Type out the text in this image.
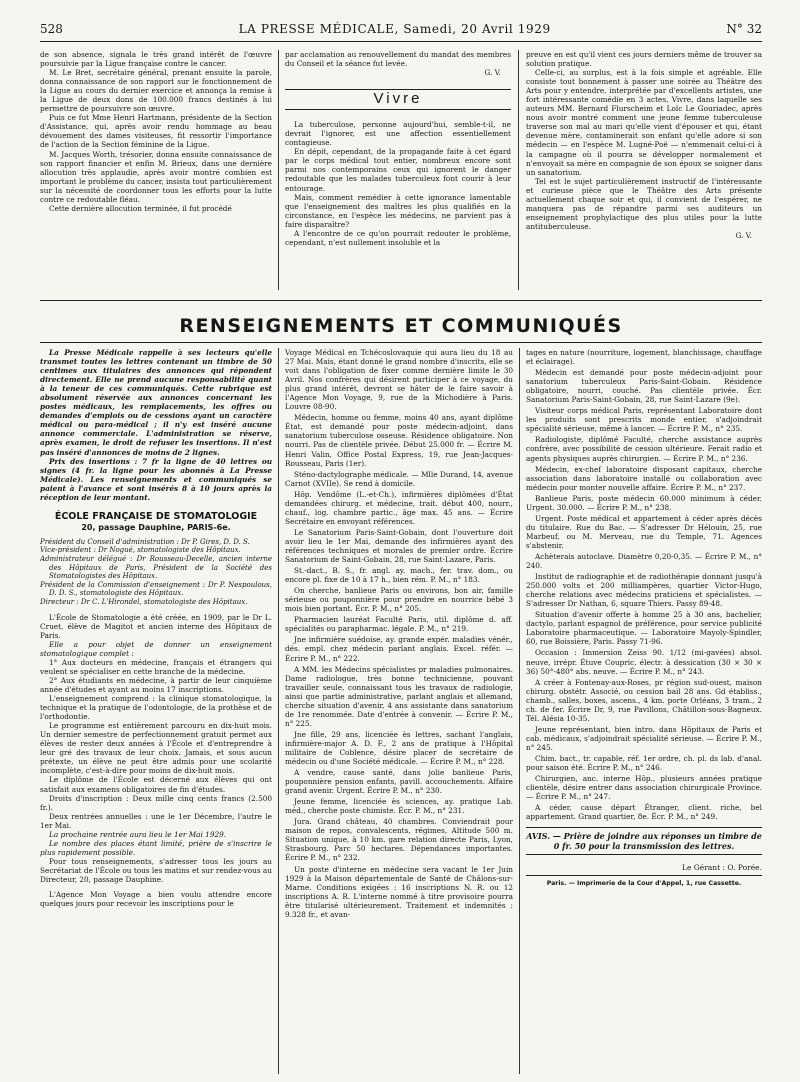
528	LA PRESSE MÉDICALE, Samedi, 20 Avril 1929	N° 32

de son absence, signala le très grand intérêt de l'œuvre poursuivie par la Ligue française contre le cancer.

M. Le Bret, secrétaire général, prenant ensuite la parole, donna connaissance de son rapport sur le fonctionnement de la Ligue au cours du dernier exercice et annonça la remise à la Ligue de deux dons de 100.000 francs destinés à lui permettre de poursuivre son œuvre.

Puis ce fut Mme Henri Hartmann, présidente de la Section d'Assistance, qui, après avoir rendu hommage au beau dévouement des dames visiteuses, fit ressortir l'importance de l'action de la Section féminine de la Ligue.

M. Jacques Worth, trésorier, donna ensuite connaissance de son rapport financier et enfin M. Brieux, dans une dernière allocution très applaudie, après avoir montré combien est important le problème du cancer, insista tout particulièrement sur la nécessité de coordonner tous les efforts pour la lutte contre ce redoutable fléau.

Cette dernière allocution terminée, il fut procédé

par acclamation au renouvellement du mandat des membres du Conseil et la séance fut levée.

G. V.
Vivre

La tuberculose, personne aujourd'hui, semble-t-il, ne devrait l'ignorer, est une affection essentiellement contagieuse.

En dépit, cependant, de la propagande faite à cet égard par le corps médical tout entier, nombreux encore sont parmi nos contemporains ceux qui ignorent le danger redoutable que les malades tuberculeux font courir à leur entourage.

Mais, comment remédier à cette ignorance lamentable que l'enseignement des maîtres les plus qualifiés en la circonstance, en l'espèce les médecins, ne parvient pas à faire disparaître?

A l'encontre de ce qu'on pourrait redouter le problème, cependant, n'est nullement insoluble et la

preuve en est qu'il vient ces jours derniers même de trouver sa solution pratique.

Celle-ci, au surplus, est à la fois simple et agréable. Elle consiste tout bonnement à passer une soirée au Théâtre des Arts pour y entendre, interprétée par d'excellents artistes, une fort intéressante comédie en 3 actes, Vivre, dans laquelle ses auteurs MM. Bernard Flurscheim et Loïc Le Gouriadec, après nous avoir montré comment une jeune femme tuberculeuse traverse son mal au mari qu'elle vient d'épouser et qui, étant devenue mère, contaminerait son enfant qu'elle adore si son médecin — en l'espèce M. Lugné-Poë — n'emmenait celui-ci à la campagne où il pourra se développer normalement et n'envoyait sa mère en compagnie de son époux se soigner dans un sanatorium.

Tel est le sujet particulièrement instructif de l'intéressante et curieuse pièce que le Théâtre des Arts présente actuellement chaque soir et qui, il convient de l'espérer, ne manquera pas de répandre parmi ses auditeurs un enseignement prophylactique des plus utiles pour la lutte antituberculeuse.

G. V.
RENSEIGNEMENTS ET COMMUNIQUÉS

La Presse Médicale rappelle à ses lecteurs qu'elle transmet toutes les lettres contenant un timbre de 50 centimes aux titulaires des annonces qui répondent directement. Elle ne prend aucune responsabilité quant à la teneur de ces communiqués. Cette rubrique est absolument réservée aux annonces concernant les postes médicaux, les remplacements, les offres ou demandes d'emplois ou de cessions ayant un caractère médical ou para-médical ; il n'y est inséré aucune annonce commerciale. L'administration se réserve, après examen, le droit de refuser les insertions. Il n'est pas inséré d'annonces de moins de 2 lignes.

Prix des insertions : 7 fr la ligne de 40 lettres ou signes (4 fr. la ligne pour les abonnés à La Presse Médicale). Les renseignements et communiqués se paient à l'avance et sont insérés 8 à 10 jours après la réception de leur montant.

ÉCOLE FRANÇAISE DE STOMATOLOGIE
20, passage Dauphine, PARIS-6e.
Président du Conseil d'administration : Dr P. Gires, D. D. S.
Vice-président : Dr Nogué, stomatologiste des Hôpitaux.
Administrateur délégué : Dr Rousseau-Decelle, ancien interne des Hôpitaux de Paris, Président de la Société des Stomatologistes des Hôpitaux.
Président de la Commission d'enseignement : Dr P. Nespoulous, D. D. S., stomatologiste des Hôpitaux.
Directeur : Dr C. L'Hirondel, stomatologiste des Hôpitaux.

L'École de Stomatologie a été créée, en 1909, par le Dr L. Cruet, élève de Magitot et ancien interne des Hôpitaux de Paris.

Elle a pour objet de donner un enseignement stomatologique complet :

1° Aux docteurs en médecine, français et étrangers qui veulent se spécialiser en cette branche de la médecine.

2° Aux étudiants en médecine, à partir de leur cinquième année d'études et ayant au moins 17 inscriptions.

L'enseignement comprend : la clinique stomatologique, la technique et la pratique de l'odontologie, de la prothèse et de l'orthodontie.

Le programme est entièrement parcouru en dix-huit mois. Un dernier semestre de perfectionnement gratuit permet aux élèves de rester deux années à l'École et d'entreprendre à leur gré des travaux de leur choix. Jamais, et sous aucun prétexte, un élève ne peut être admis pour une scolarité incomplète, c'est-à-dire pour moins de dix-huit mois.

Le diplôme de l'École est décerné aux élèves qui ont satisfait aux examens obligatoires de fin d'études.

Droits d'inscription : Deux mille cinq cents francs (2.500 fr.).

Deux rentrées annuelles : une le 1er Décembre, l'autre le 1er Mai.

La prochaine rentrée aura lieu le 1er Mai 1929.

Le nombre des places étant limité, prière de s'inscrire le plus rapidement possible.

Pour tous renseignements, s'adresser tous les jours au Secrétariat de l'École ou tous les matins et sur rendez-vous au Directeur, 20, passage Dauphine.

L'Agence Mon Voyage a bien voulu attendre encore quelques jours pour recevoir les inscriptions pour le

Voyage Médical en Tchécoslovaquie qui aura lieu du 18 au 27 Mai. Mais, étant donné le grand nombre d'inscrits, elle se voit dans l'obligation de fixer comme dernière limite le 30 Avril. Nos confrères qui désirent participer à ce voyage, du plus grand intérêt, devront se hâter de le faire savoir à l'Agence Mon Voyage, 9, rue de la Michodière à Paris. Louvre 08-90.

Médecin, homme ou femme, moins 40 ans, ayant diplôme État, est demandé pour poste médecin-adjoint, dans sanatorium tuberculose osseuse. Résidence obligatoire. Non nourri. Pas de clientèle privée. Début 25.000 fr. — Écrire M. Henri Valin, Office Postal Express, 19, rue Jean-Jacques-Rousseau, Paris (1er).

Sténo-dactylographe médicale. — Mlle Durand, 14, avenue Carnot (XVIIe). Se rend à domicile.

Hôp. Vendôme (L.-et-Ch.), infirmières diplômées d'État demandées chirurg. et médecine, trait. début 400, nourr., chauf., log. chambre partic., âge max. 45 ans. — Écrire Secrétaire en envoyant références.

Le Sanatorium Paris-Saint-Gobain, dont l'ouverture doit avoir lieu le 1er Mai, demande des infirmières ayant des références techniques et morales de premier ordre. Écrire Sanatorium de Saint-Gobain, 28, rue Saint-Lazare, Paris.

St.-dact., B. S., fr. angl. ay. mach., fer. trav. dom., ou encore pl. fixe de 10 à 17 h., bien rém. P. M., n° 183.

On cherche, banlieue Paris ou environs, bon air, famille sérieuse ou pouponnière pour prendre en nourrice bébé 3 mois bien portant. Écr. P. M., n° 205.

Pharmacien lauréat Faculté Paris, util. diplôme d. aff. spécialités ou parapharmac. légale. P. M., n° 219.

Jne infirmière suédoise, ay. grande expér. maladies vénér., dés. empl. chez médecin parlant anglais. Excel. référ. — Écrire P. M., n° 222.

A MM. les Médecins spécialistes pr maladies pulmonaires. Dame radiologue, très bonne technicienne, pouvant travailler seule, connaissant tous les travaux de radiologie, ainsi que partie administrative, parlant anglais et allemand, cherche situation d'avenir, 4 ans assistante dans sanatorium de 1re renommée. Date d'entrée à convenir. — Écrire P. M., n° 225.

Jne fille, 29 ans, licenciée ès lettres, sachant l'anglais, infirmière-major A. D. F., 2 ans de pratique à l'Hôpital militaire de Coblence, désire placer de secrétaire de médecin ou d'une Société médicale. — Écrire P. M., n° 228.

A vendre, cause santé, dans jolie banlieue Paris, pouponnière pension enfants, pavill. accouchements. Affaire grand avenir. Urgent. Écrire P. M., n° 230.

Jeune femme, licenciée ès sciences, ay. pratique Lab. méd., cherche poste chimiste. Écr. P. M., n° 231.

Jura. Grand château, 40 chambres. Conviendrait pour maison de repos, convalescents, régimes, Altitude 500 m. Situation unique, à 10 km. gare relation directe Paris, Lyon, Strasbourg. Parc 50 hectares. Dépendances importantes. Écrire P. M., n° 232.

Un poste d'interne en médecine sera vacant le 1er Juin 1929 à la Maison départementale de Santé de Châlons-sur-Marne. Conditions exigées : 16 inscriptions N. R. ou 12 inscriptions A. R. L'interne nommé à titre provisoire pourra être titularisé ultérieurement. Traitement et indemnités : 9.328 fr., et avan-

tages en nature (nourriture, logement, blanchissage, chauffage et éclairage).

Médecin est demandé pour poste médecin-adjoint pour sanatorium tuberculeux Paris-Saint-Gobain. Résidence obligatoire, nourri, couché. Pas clientèle privée. Écr. Sanatorium Paris-Saint-Gobain, 28, rue Saint-Lazare (9e).

Visiteur corps médical Paris, représentant Laboratoire dont les produits sont prescrits monde entier, s'adjoindrait spécialité sérieuse, même à lancer. — Écrire P. M., n° 235.

Radiologiste, diplômé Faculté, cherche assistance auprès confrère, avec possibilité de cession ultérieure. Ferait radio et agents physiques auprès chirurgien. — Écrire P. M., n° 236.

Médecin, ex-chef laboratoire disposant capitaux, cherche association dans laboratoire installé ou collaboration avec médecin pour monter nouvelle affaire. Écrire P. M., n° 237.

Banlieue Paris, poste médecin 60.000 minimum à céder. Urgent. 30.000. — Écrire P. M., n° 238.

Urgent. Poste médical et appartement à céder après décès du titulaire. Rue du Bac. — S'adresser Dr Hélouin, 25, rue Marbeuf, ou M. Merveau, rue du Temple, 71. Agences s'abstenir.

Achèterais autoclave. Diamètre 0,20-0,35. — Écrire P. M., n° 240.

Institut de radiographie et de radiothérapie donnant jusqu'à 250.000 volts et 200 milliampères, quartier Victor-Hugo, cherche relations avec médecins praticiens et spécialistes. — S'adresser Dr Nathan, 6, square Thiers. Passy 89-48.

Situation d'avenir offerte à homme 25 à 30 ans, bachelier, dactylo, parlant espagnol de préférence, pour service publicité Laboratoire pharmaceutique. — Laboratoire Mayoly-Spindler, 60, rue Boissière, Paris. Passy 71-96.

Occasion : Immersion Zeiss 90. 1/12 (mi-gavées) absol. neuve, irrépr. Étuve Coupric, électr. à dessication (30 × 30 × 36) 50°-480° abs. neuve. — Écrire P. M., n° 243.

A créer à Fontenay-aux-Roses, pr région sud-ouest, maison chirurg. obstétr. Associé, ou cession bail 28 ans. Gd établiss., chamb., salles, boxes, ascens., 4 km. porte Orléans, 3 tram., 2 ch. de fer. Écrire Dr, 9, rue Pavillons, Châtillon-sous-Bagneux. Tél. Alésia 10-35.

Jeune représentant, bien intro. dans Hôpitaux de Paris et cab. médicaux, s'adjoindrait spécialité sérieuse. — Écrire P. M., n° 245.

Chim. bact., tr. capable, réf. 1er ordre, ch. pl. ds lab. d'anal. pour saison été. Écrire P. M., n° 246.

Chirurgien, anc. interne Hôp., plusieurs années pratique clientèle, désire entrer dans association chirurgicale Province. — Écrire P. M., n° 247.

A céder, cause départ Étranger, client. riche, bel appartement. Grand quartier, 8e. Écr. P. M., n° 249.

AVIS. — Prière de joindre aux réponses un timbre de 0 fr. 50 pour la transmission des lettres.
Le Gérant : O. Porée.
Paris. — Imprimerie de la Cour d'Appel, 1, rue Cassette.
